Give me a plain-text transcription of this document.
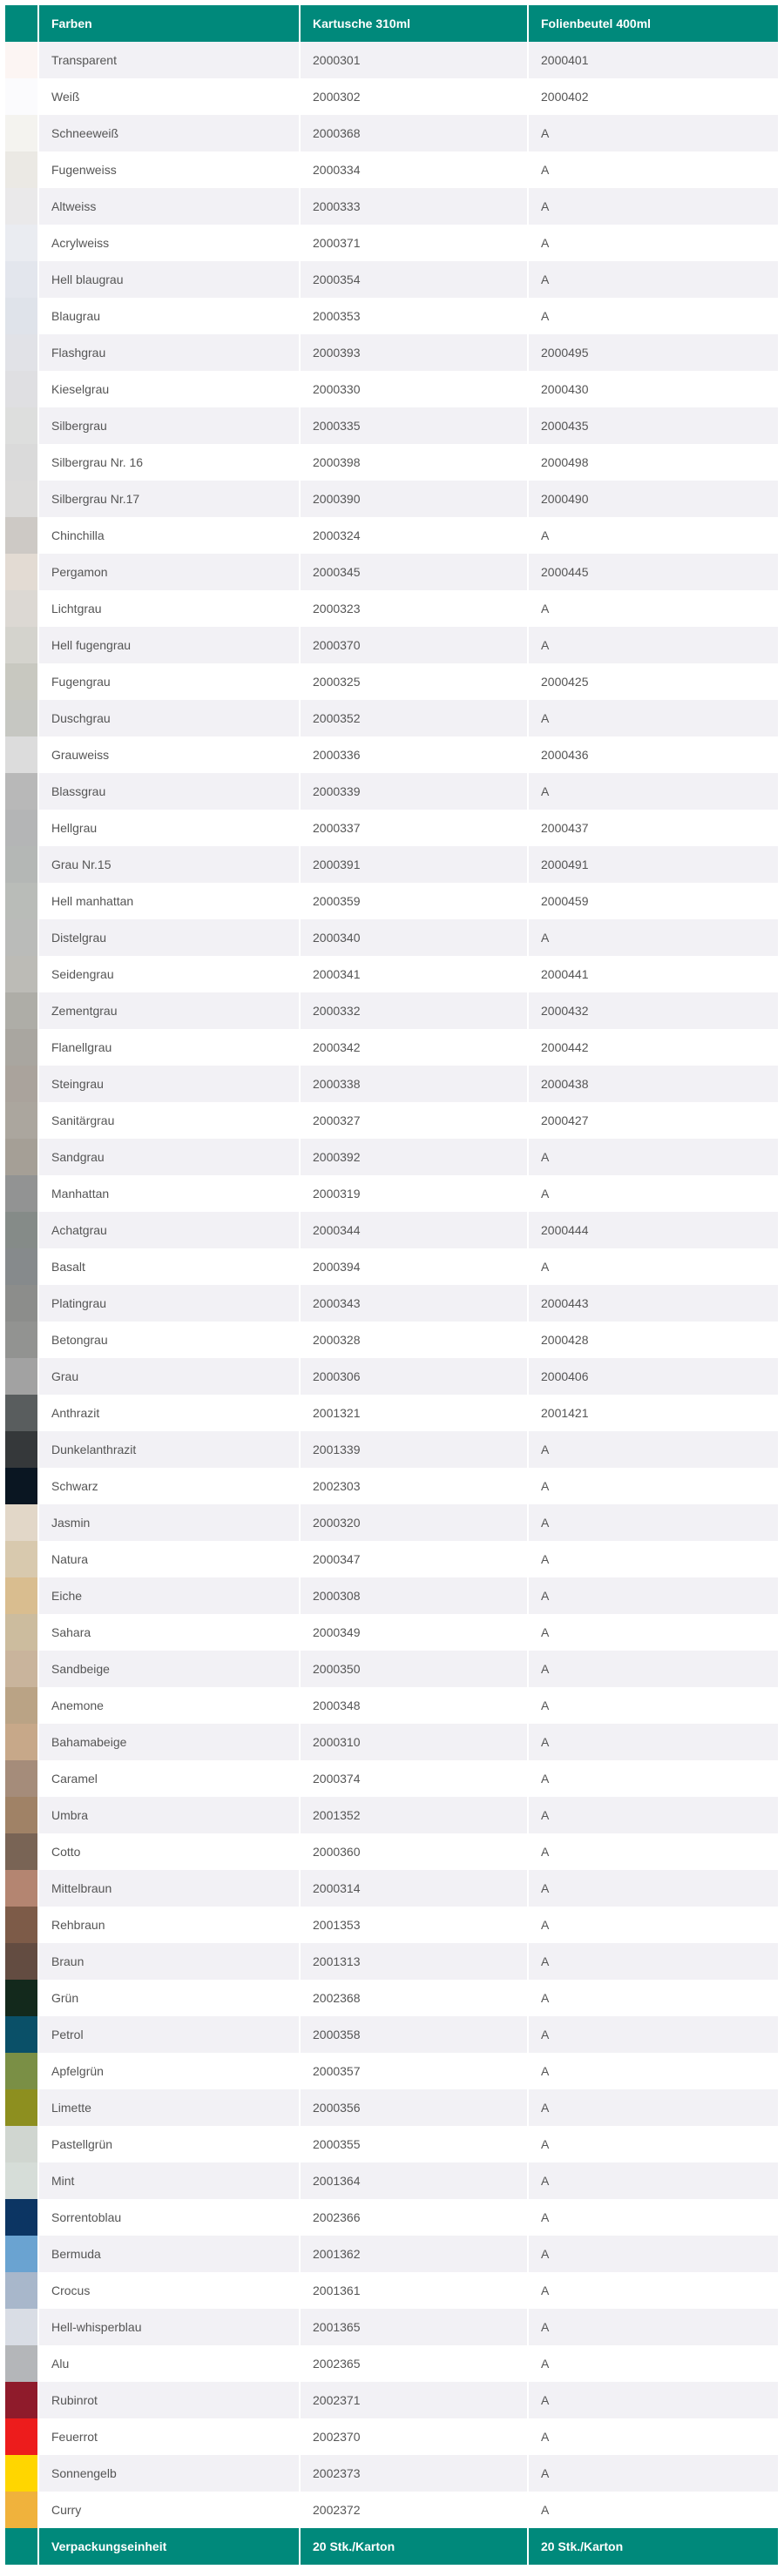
	Farben	Kartusche 310ml	Folienbeutel 400ml

	Transparent	2000301	2000401

	Weiß	2000302	2000402

	Schneeweiß	2000368	A

	Fugenweiss	2000334	A

	Altweiss	2000333	A

	Acrylweiss	2000371	A

	Hell blaugrau	2000354	A

	Blaugrau	2000353	A

	Flashgrau	2000393	2000495

	Kieselgrau	2000330	2000430

	Silbergrau	2000335	2000435

	Silbergrau Nr. 16	2000398	2000498

	Silbergrau Nr.17	2000390	2000490

	Chinchilla	2000324	A

	Pergamon	2000345	2000445

	Lichtgrau	2000323	A

	Hell fugengrau	2000370	A

	Fugengrau	2000325	2000425

	Duschgrau	2000352	A

	Grauweiss	2000336	2000436

	Blassgrau	2000339	A

	Hellgrau	2000337	2000437

	Grau Nr.15	2000391	2000491

	Hell manhattan	2000359	2000459

	Distelgrau	2000340	A

	Seidengrau	2000341	2000441

	Zementgrau	2000332	2000432

	Flanellgrau	2000342	2000442

	Steingrau	2000338	2000438

	Sanitärgrau	2000327	2000427

	Sandgrau	2000392	A

	Manhattan	2000319	A

	Achatgrau	2000344	2000444

	Basalt	2000394	A

	Platingrau	2000343	2000443

	Betongrau	2000328	2000428

	Grau	2000306	2000406

	Anthrazit	2001321	2001421

	Dunkelanthrazit	2001339	A

	Schwarz	2002303	A

	Jasmin	2000320	A

	Natura	2000347	A

	Eiche	2000308	A

	Sahara	2000349	A

	Sandbeige	2000350	A

	Anemone	2000348	A

	Bahamabeige	2000310	A

	Caramel	2000374	A

	Umbra	2001352	A

	Cotto	2000360	A

	Mittelbraun	2000314	A

	Rehbraun	2001353	A

	Braun	2001313	A

	Grün	2002368	A

	Petrol	2000358	A

	Apfelgrün	2000357	A

	Limette	2000356	A

	Pastellgrün	2000355	A

	Mint	2001364	A

	Sorrentoblau	2002366	A

	Bermuda	2001362	A

	Crocus	2001361	A

	Hell-whisperblau	2001365	A

	Alu	2002365	A

	Rubinrot	2002371	A

	Feuerrot	2002370	A

	Sonnengelb	2002373	A

	Curry	2002372	A
	Verpackungseinheit	20 Stk./Karton	20 Stk./Karton
